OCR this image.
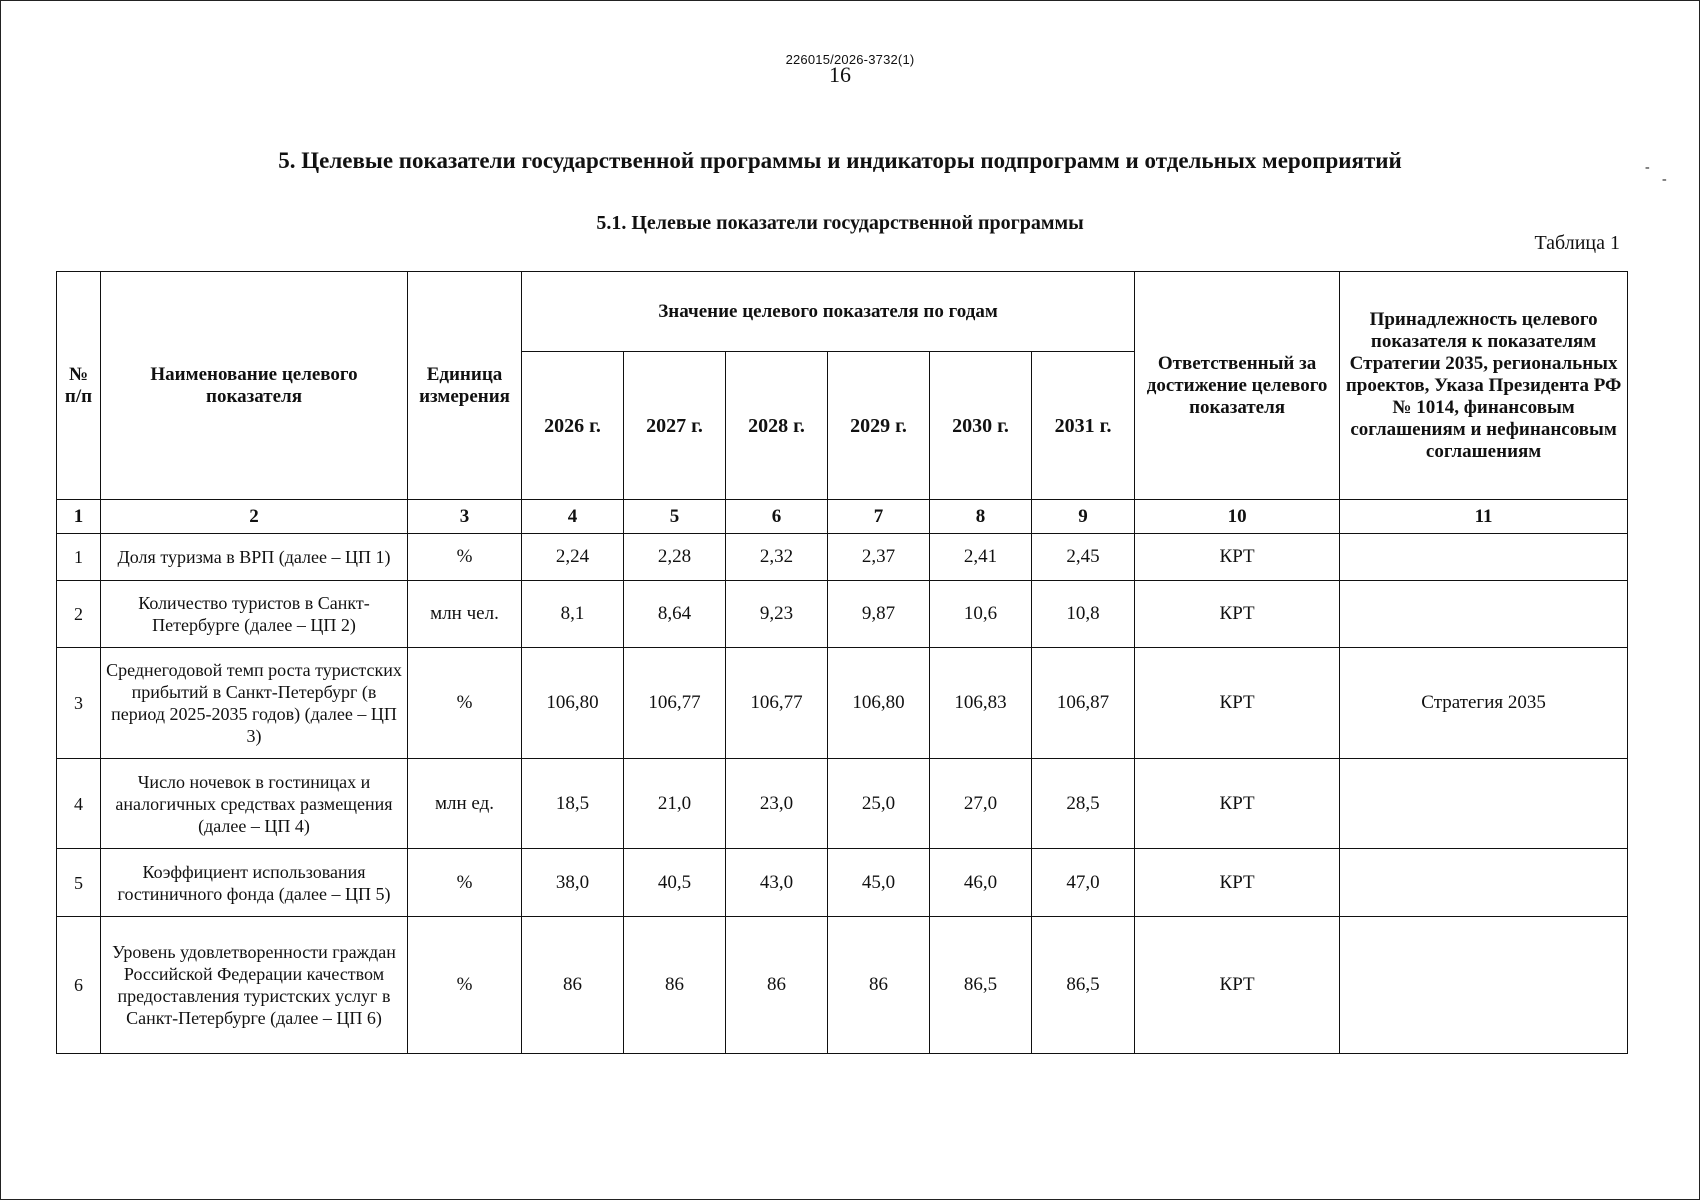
226015/2026-3732(1)
16
5. Целевые показатели государственной программы и индикаторы подпрограмм и отдельных мероприятий
5.1. Целевые показатели государственной программы
Таблица 1
-
-
№ п/п	Наименование целевого показателя	Единица измерения	Значение целевого показателя по годам						Ответственный за достижение целевого показателя	Принадлежность целевого показателя к показателям Стратегии 2035, региональных проектов, Указа Президента РФ № 1014, финансовым соглашениям и нефинансовым соглашениям
			2026 г.	2027 г.	2028 г.	2029 г.	2030 г.	2031 г.		
1	2	3	4	5	6	7	8	9	10	11
1	Доля туризма в ВРП (далее – ЦП 1)	%	2,24	2,28	2,32	2,37	2,41	2,45	КРТ	
2	Количество туристов в Санкт-Петербурге (далее – ЦП 2)	млн чел.	8,1	8,64	9,23	9,87	10,6	10,8	КРТ	
3	Среднегодовой темп роста туристских прибытий в Санкт-Петербург (в период 2025-2035 годов) (далее – ЦП 3)	%	106,80	106,77	106,77	106,80	106,83	106,87	КРТ	Стратегия 2035
4	Число ночевок в гостиницах и аналогичных средствах размещения (далее – ЦП 4)	млн ед.	18,5	21,0	23,0	25,0	27,0	28,5	КРТ	
5	Коэффициент использования гостиничного фонда (далее – ЦП 5)	%	38,0	40,5	43,0	45,0	46,0	47,0	КРТ	
6	Уровень удовлетворенности граждан Российской Федерации качеством предоставления туристских услуг в Санкт-Петербурге (далее – ЦП 6)	%	86	86	86	86	86,5	86,5	КРТ	
